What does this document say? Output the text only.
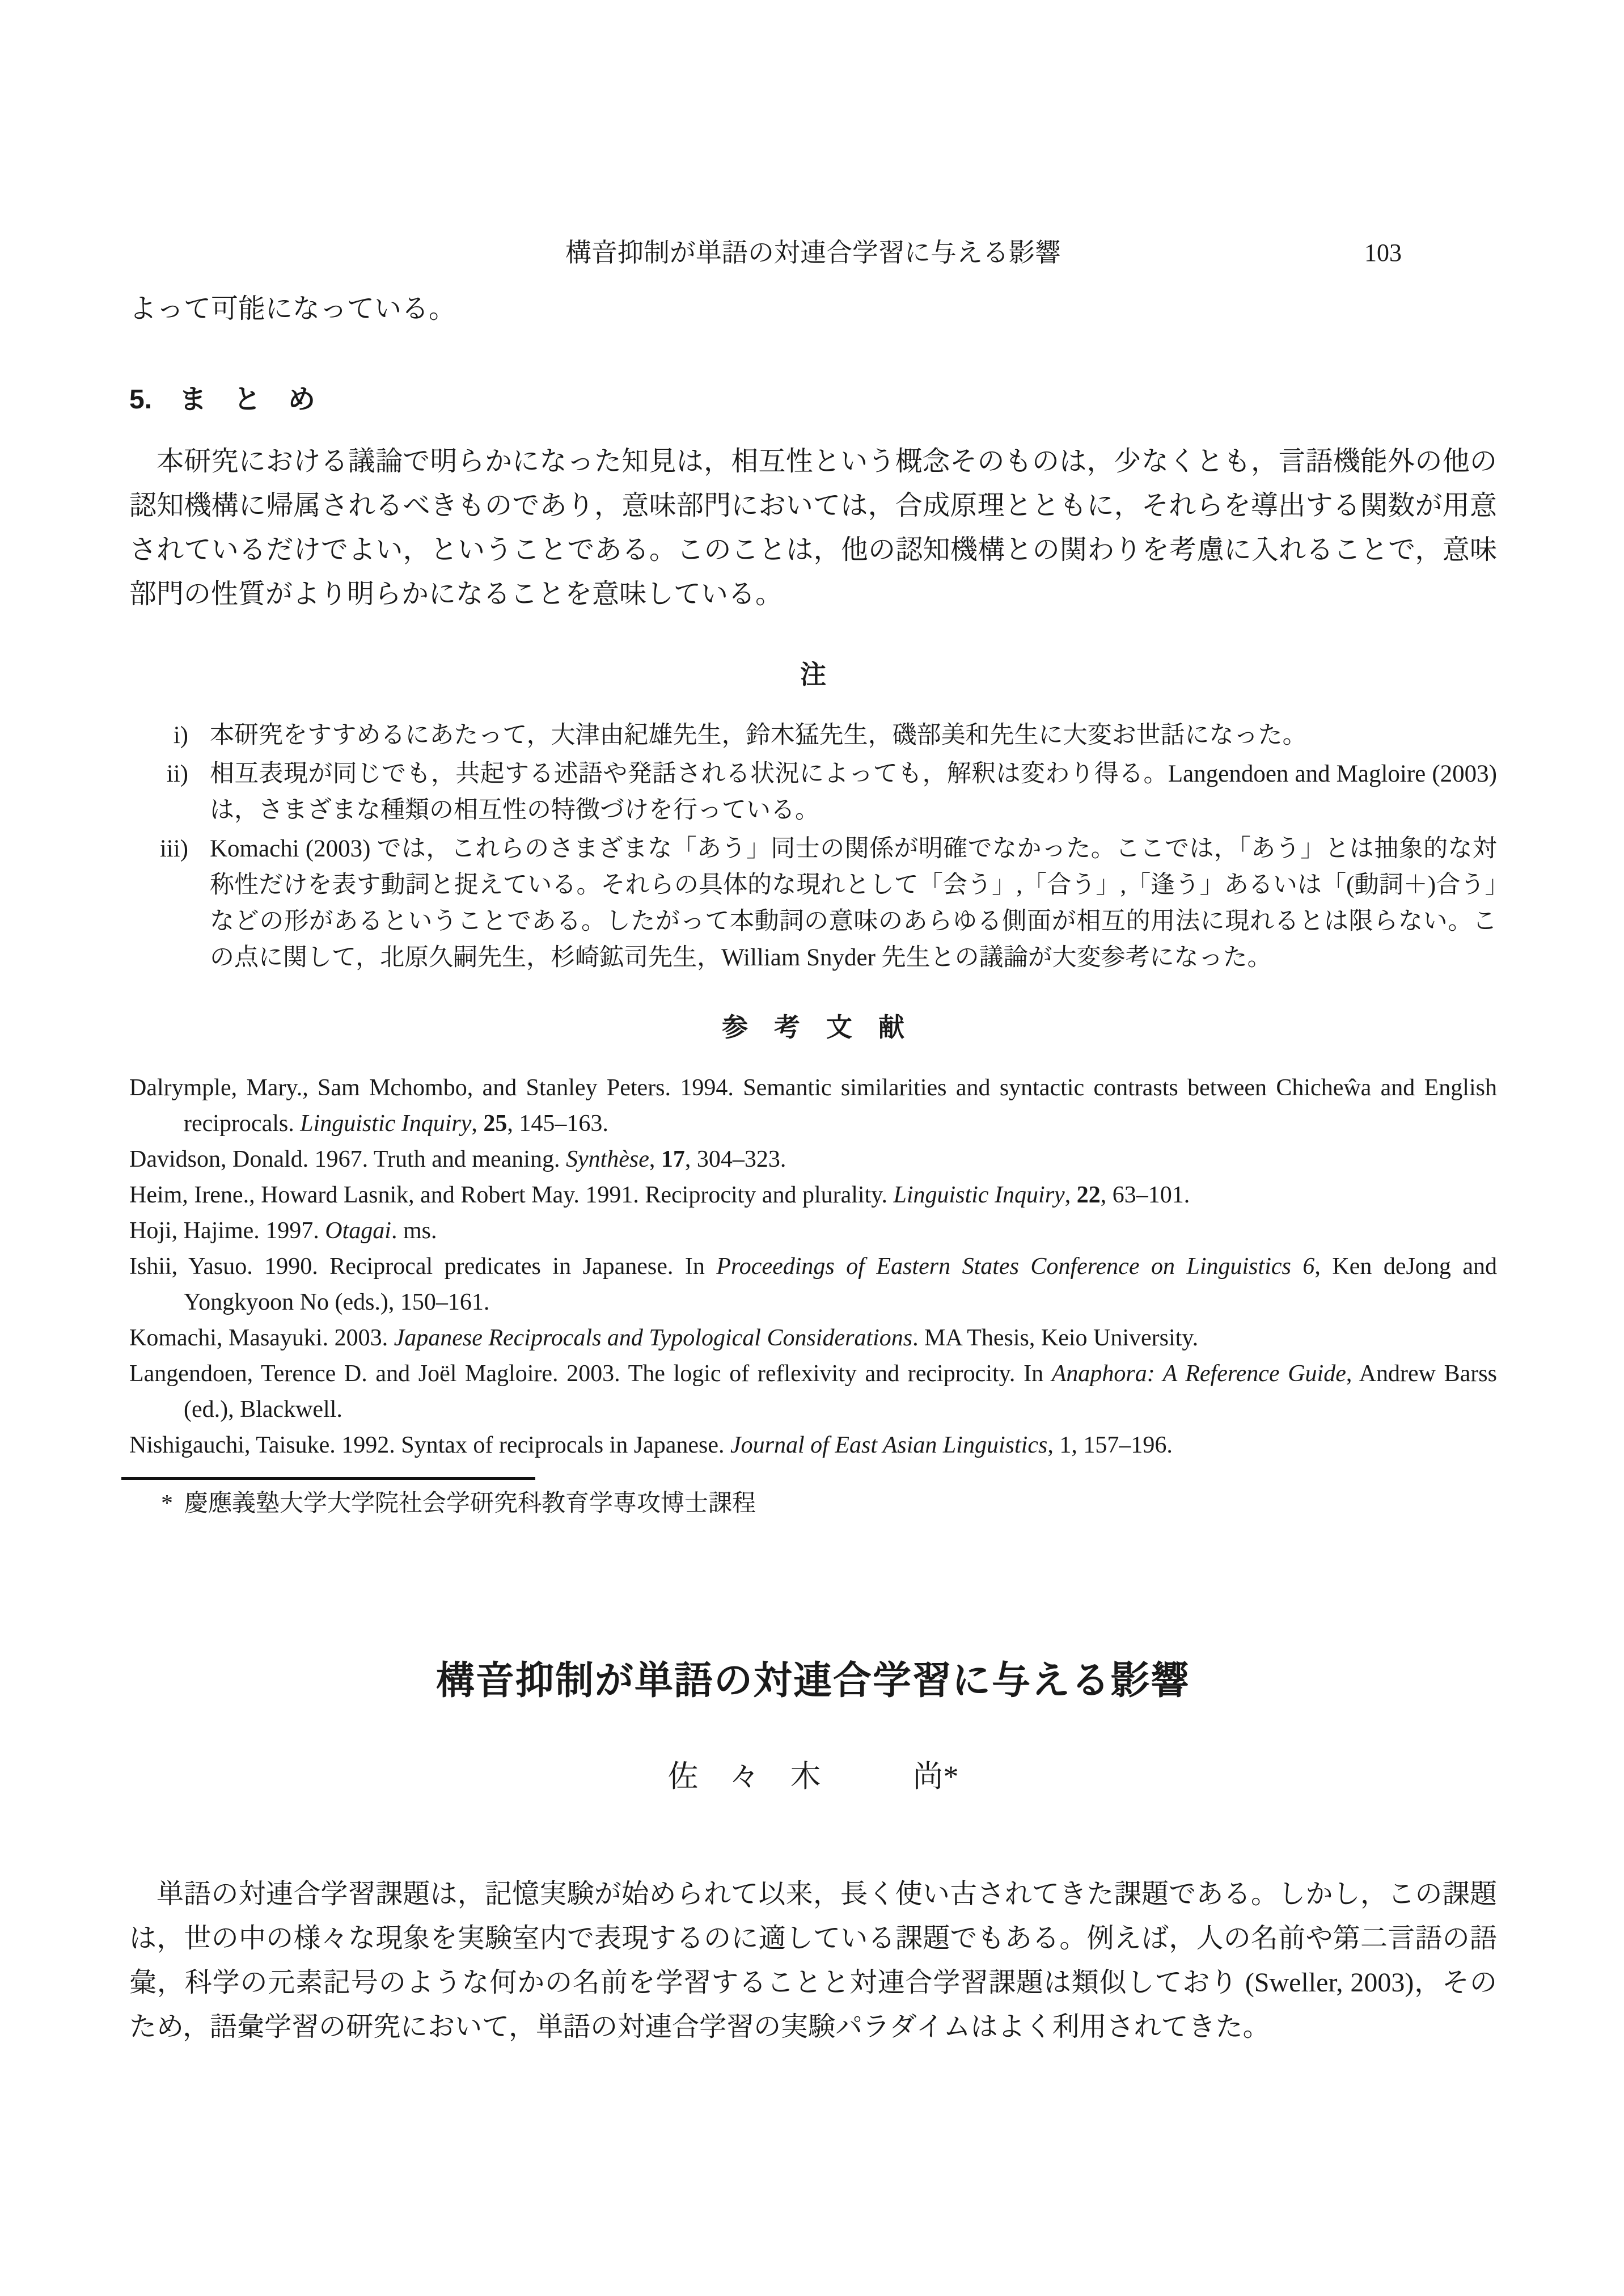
構音抑制が単語の対連合学習に与える影響	103

よって可能になっている。

5.　ま　と　め

本研究における議論で明らかになった知見は，相互性という概念そのものは，少なくとも，言語機能外の他の認知機構に帰属されるべきものであり，意味部門においては，合成原理とともに，それらを導出する関数が用意されているだけでよい，ということである。このことは，他の認知機構との関わりを考慮に入れることで，意味部門の性質がより明らかになることを意味している。

注
i) 本研究をすすめるにあたって，大津由紀雄先生，鈴木猛先生，磯部美和先生に大変お世話になった。
ii) 相互表現が同じでも，共起する述語や発話される状況によっても，解釈は変わり得る。Langendoen and Magloire (2003) は，さまざまな種類の相互性の特徴づけを行っている。
iii) Komachi (2003) では，これらのさまざまな「あう」同士の関係が明確でなかった。ここでは，「あう」とは抽象的な対称性だけを表す動詞と捉えている。それらの具体的な現れとして「会う」,「合う」,「逢う」あるいは「(動詞＋)合う」などの形があるということである。したがって本動詞の意味のあらゆる側面が相互的用法に現れるとは限らない。この点に関して，北原久嗣先生，杉崎鉱司先生，William Snyder 先生との議論が大変参考になった。
参　考　文　献

Dalrymple, Mary., Sam Mchombo, and Stanley Peters. 1994. Semantic similarities and syntactic contrasts between Chicheŵa and English reciprocals. Linguistic Inquiry, 25, 145–163.

Davidson, Donald. 1967. Truth and meaning. Synthèse, 17, 304–323.

Heim, Irene., Howard Lasnik, and Robert May. 1991. Reciprocity and plurality. Linguistic Inquiry, 22, 63–101.

Hoji, Hajime. 1997. Otagai. ms.

Ishii, Yasuo. 1990. Reciprocal predicates in Japanese. In Proceedings of Eastern States Conference on Linguistics 6, Ken deJong and Yongkyoon No (eds.), 150–161.

Komachi, Masayuki. 2003. Japanese Reciprocals and Typological Considerations. MA Thesis, Keio University.

Langendoen, Terence D. and Joël Magloire. 2003. The logic of reflexivity and reciprocity. In Anaphora: A Reference Guide, Andrew Barss (ed.), Blackwell.

Nishigauchi, Taisuke. 1992. Syntax of reciprocals in Japanese. Journal of East Asian Linguistics, 1, 157–196.

* 慶應義塾大学大学院社会学研究科教育学専攻博士課程

構音抑制が単語の対連合学習に与える影響

佐　々　木　　　尚*

単語の対連合学習課題は，記憶実験が始められて以来，長く使い古されてきた課題である。しかし，この課題は，世の中の様々な現象を実験室内で表現するのに適している課題でもある。例えば，人の名前や第二言語の語彙，科学の元素記号のような何かの名前を学習することと対連合学習課題は類似しており (Sweller, 2003)，そのため，語彙学習の研究において，単語の対連合学習の実験パラダイムはよく利用されてきた。
